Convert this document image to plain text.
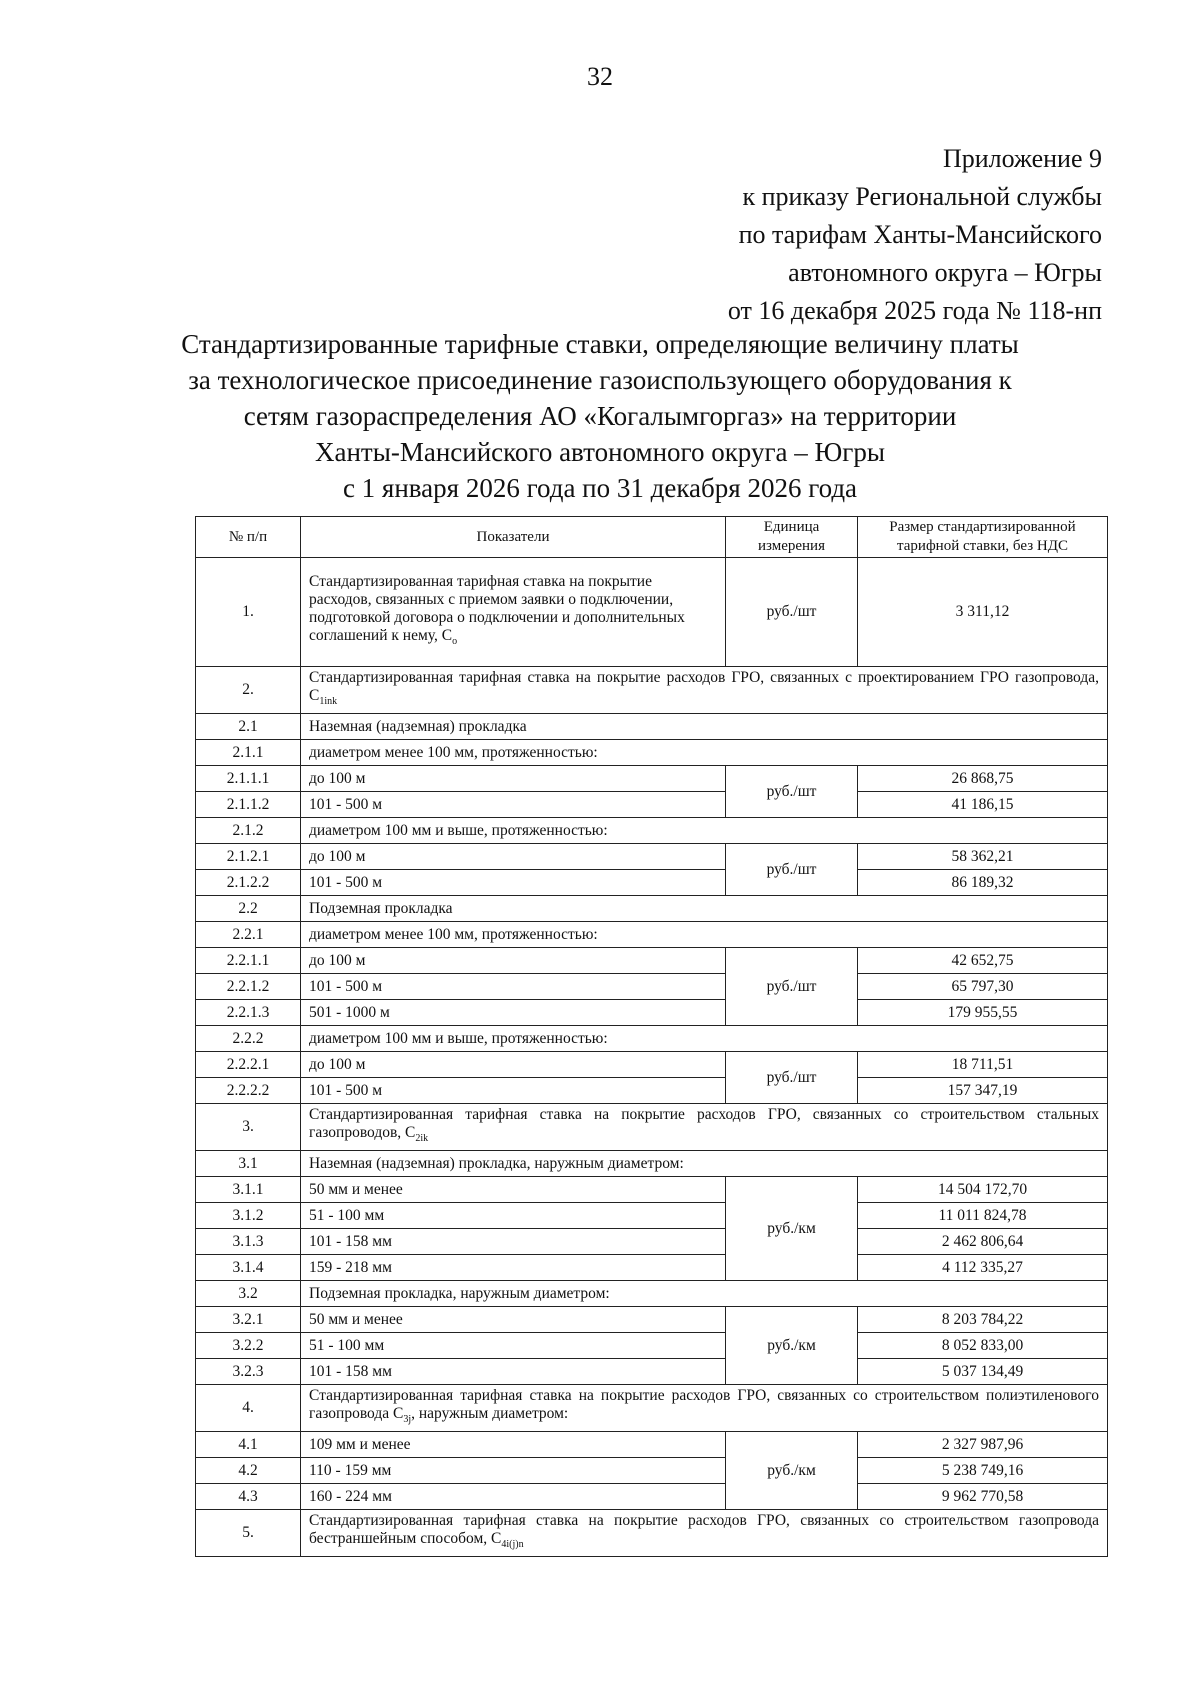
32
Приложение 9
к приказу Региональной службы
по тарифам Ханты-Мансийского
автономного округа – Югры
от 16 декабря 2025 года № 118-нп
Стандартизированные тарифные ставки, определяющие величину платы
за технологическое присоединение газоиспользующего оборудования к
сетям газораспределения АО «Когалымгоргаз» на территории
Ханты-Мансийского автономного округа – Югры
с 1 января 2026 года по 31 декабря 2026 года
№ п/п	Показатели	Единица измерения	Размер стандартизированной тарифной ставки, без НДС
1.	Стандартизированная тарифная ставка на покрытие расходов, связанных с приемом заявки о подключении, подготовкой договора о подключении и дополнительных соглашений к нему, $С_о$	руб./шт	3 311,12
2.	Стандартизированная тарифная ставка на покрытие расходов ГРО, связанных с проектированием ГРО газопровода, $С_{1ink}$
2.1	Наземная (надземная) прокладка		
2.1.1	диаметром менее 100 мм, протяженностью:		
2.1.1.1	до 100 м	руб./шт	26 868,75
2.1.1.2	101 - 500 м		41 186,15
2.1.2	диаметром 100 мм и выше, протяженностью:		
2.1.2.1	до 100 м	руб./шт	58 362,21
2.1.2.2	101 - 500 м		86 189,32
2.2	Подземная прокладка		
2.2.1	диаметром менее 100 мм, протяженностью:		
2.2.1.1	до 100 м	руб./шт	42 652,75
2.2.1.2	101 - 500 м		65 797,30
2.2.1.3	501 - 1000 м		179 955,55
2.2.2	диаметром 100 мм и выше, протяженностью:		
2.2.2.1	до 100 м	руб./шт	18 711,51
2.2.2.2	101 - 500 м		157 347,19
3.	Стандартизированная тарифная ставка на покрытие расходов ГРО, связанных со строительством стальных газопроводов, $С_{2ik}$
3.1	Наземная (надземная) прокладка, наружным диаметром:		
3.1.1	50 мм и менее	руб./км	14 504 172,70
3.1.2	51 - 100 мм		11 011 824,78
3.1.3	101 - 158 мм		2 462 806,64
3.1.4	159 - 218 мм		4 112 335,27
3.2	Подземная прокладка, наружным диаметром:		
3.2.1	50 мм и менее	руб./км	8 203 784,22
3.2.2	51 - 100 мм		8 052 833,00
3.2.3	101 - 158 мм		5 037 134,49
4.	Стандартизированная тарифная ставка на покрытие расходов ГРО, связанных со строительством полиэтиленового газопровода $С_{3j}$, наружным диаметром:		
4.1	109 мм и менее	руб./км	2 327 987,96
4.2	110 - 159 мм		5 238 749,16
4.3	160 - 224 мм		9 962 770,58
5.	Стандартизированная тарифная ставка на покрытие расходов ГРО, связанных со строительством газопровода бестраншейным способом, $С_{4i(j)n}$
